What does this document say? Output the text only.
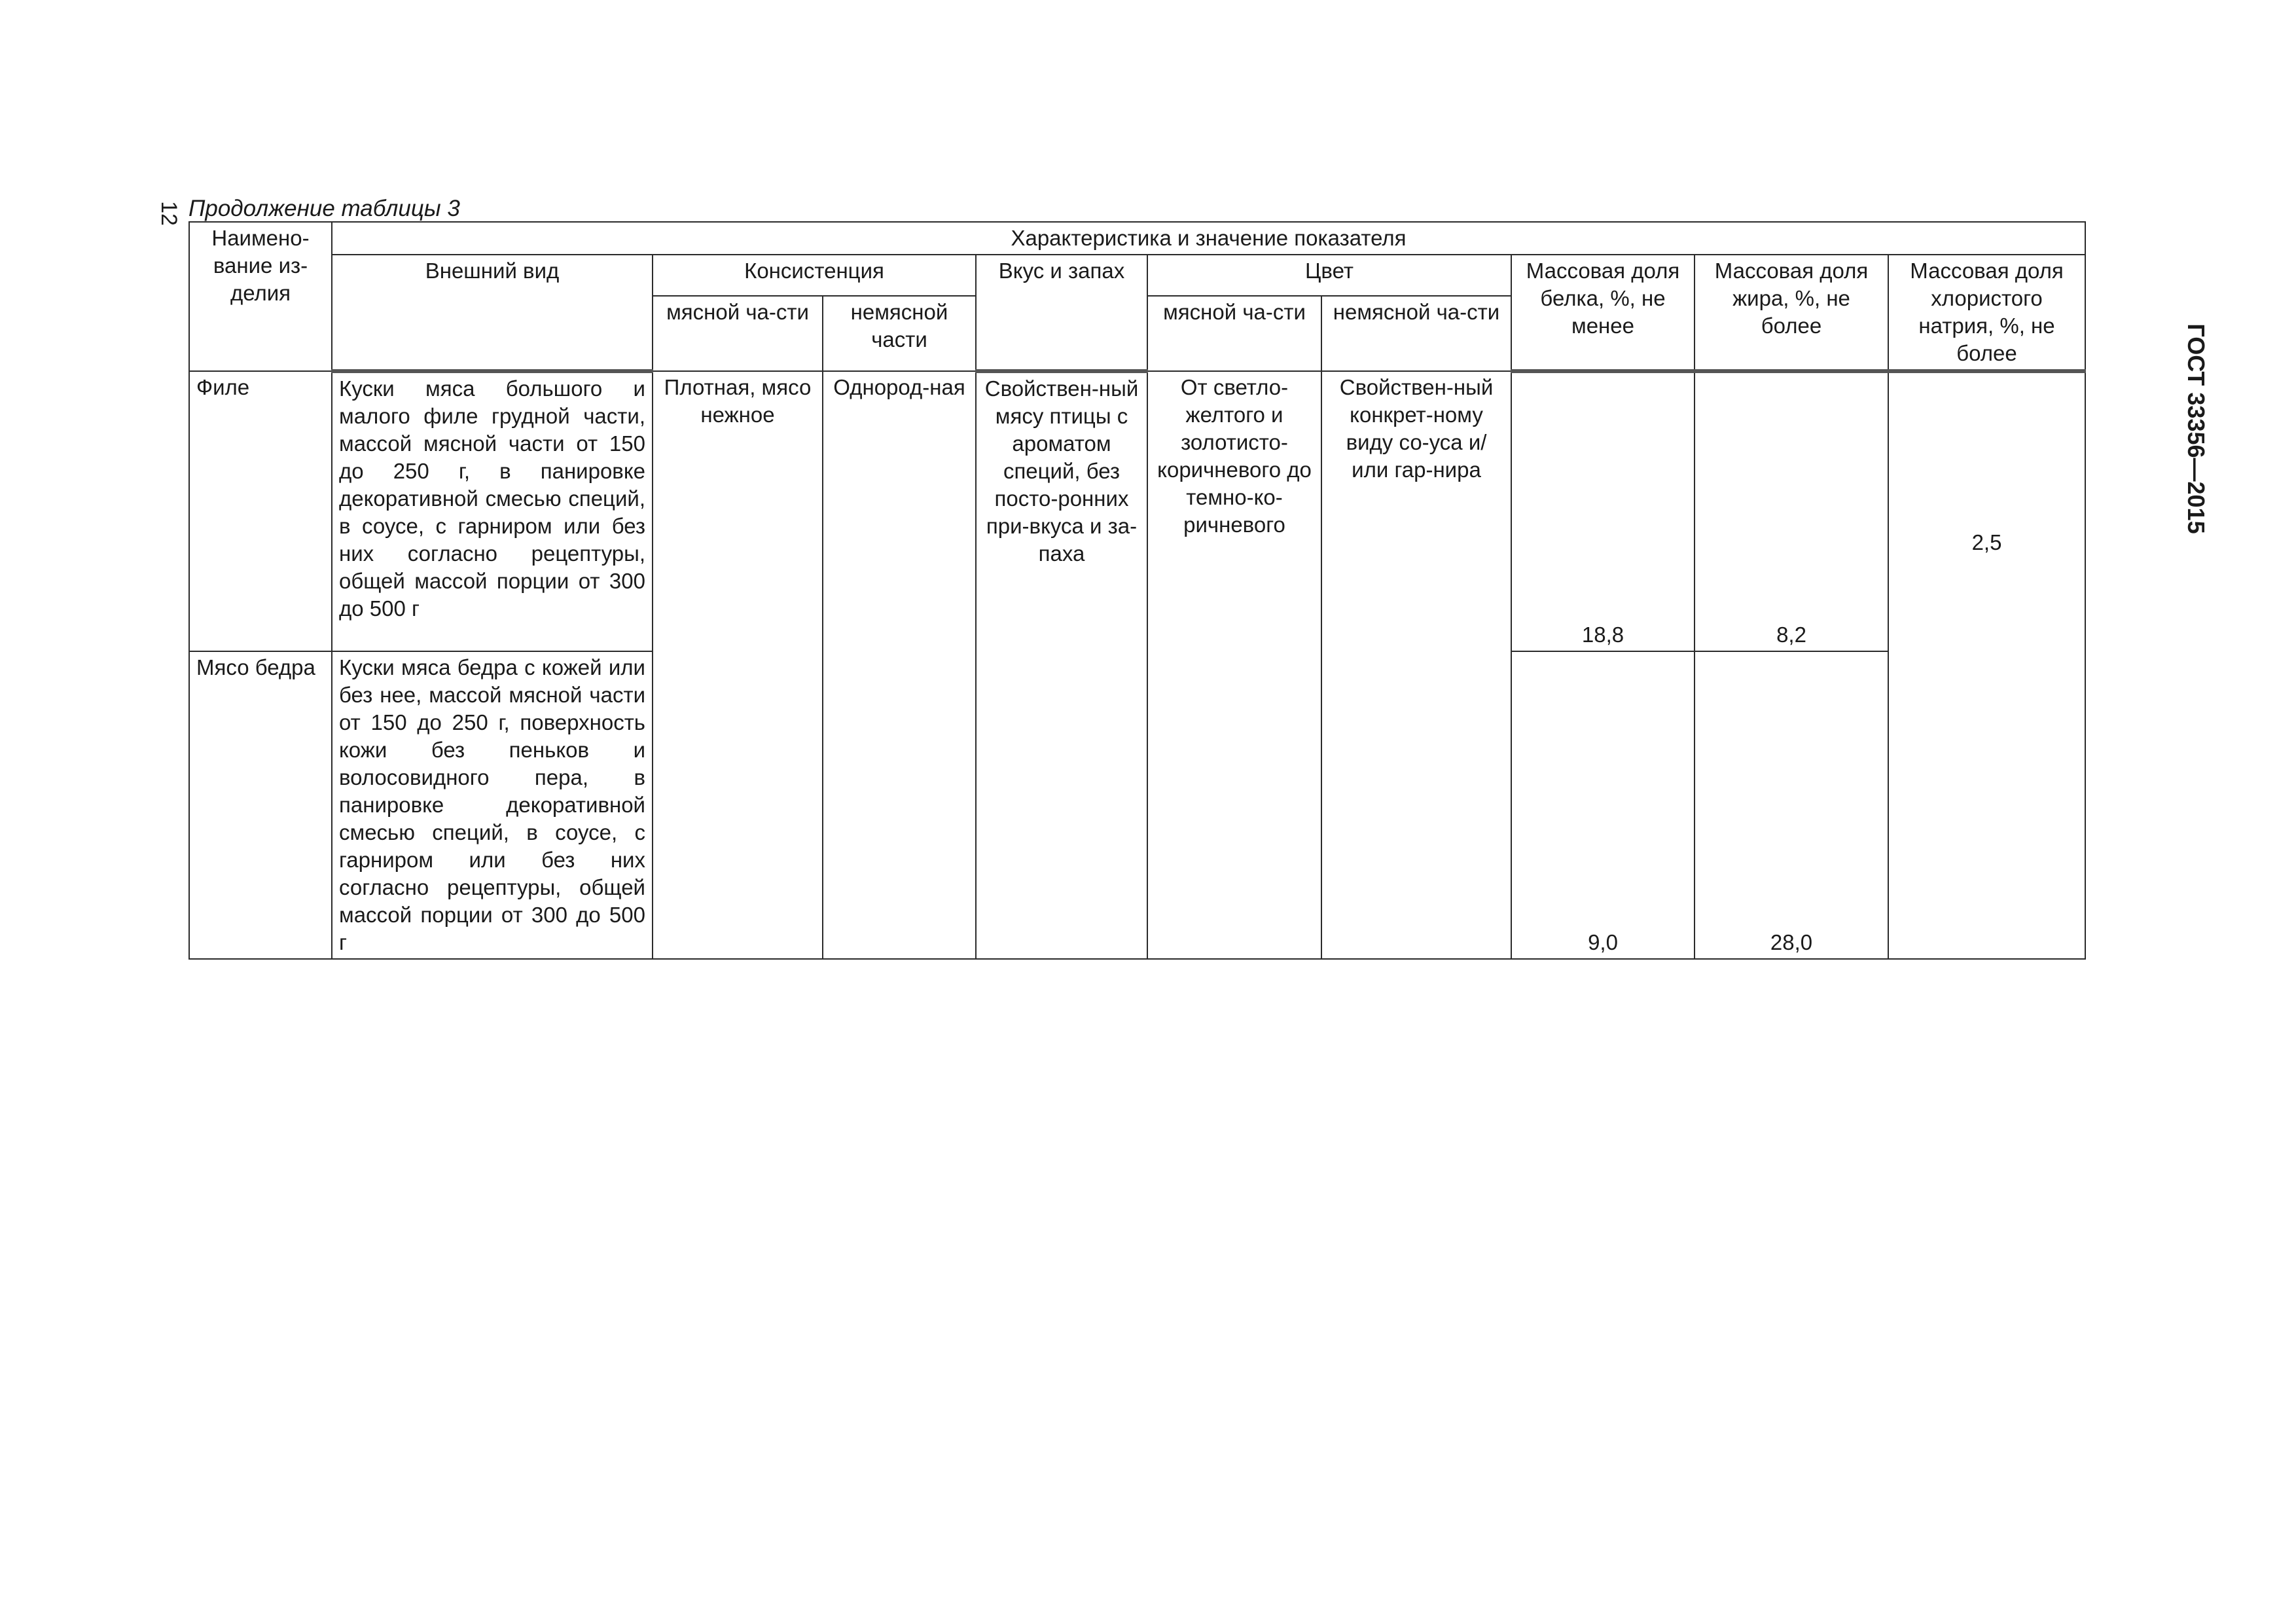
12 Продолжение таблицы 3
ГОСТ 33356—2015
Наимено-вание из-делия	Характеристика и значение показателя								
	Внешний вид	Консистенция		Вкус и запах	Цвет		Массовая доля белка, %, не менее	Массовая доля жира, %, не более	Массовая доля хлористого натрия, %, не более
		мясной ча-сти	немясной части		мясной ча-сти	немясной ча-сти			
Филе	Куски мяса большого и малого филе грудной части, массой мясной части от 150 до 250 г, в панировке декоративной смесью специй, в соусе, с гарниром или без них согласно рецептуры, общей массой порции от 300 до 500 г	Плотная, мясо нежное	Однород-ная	Свойствен-ный мясу птицы с ароматом специй, без посто-ронних при-вкуса и за-паха	От светло-желтого и золотисто-коричневого до темно-ко-ричневого	Свойствен-ный конкрет-ному виду со-уса и/или гар-нира	18,8	8,2	2,5
Мясо бедра	Куски мяса бедра с кожей или без нее, массой мясной части от 150 до 250 г, поверхность кожи без пеньков и волосовидного пера, в панировке декоративной смесью специй, в соусе, с гарниром или без них согласно рецептуры, общей массой порции от 300 до 500 г						9,0	28,0	
